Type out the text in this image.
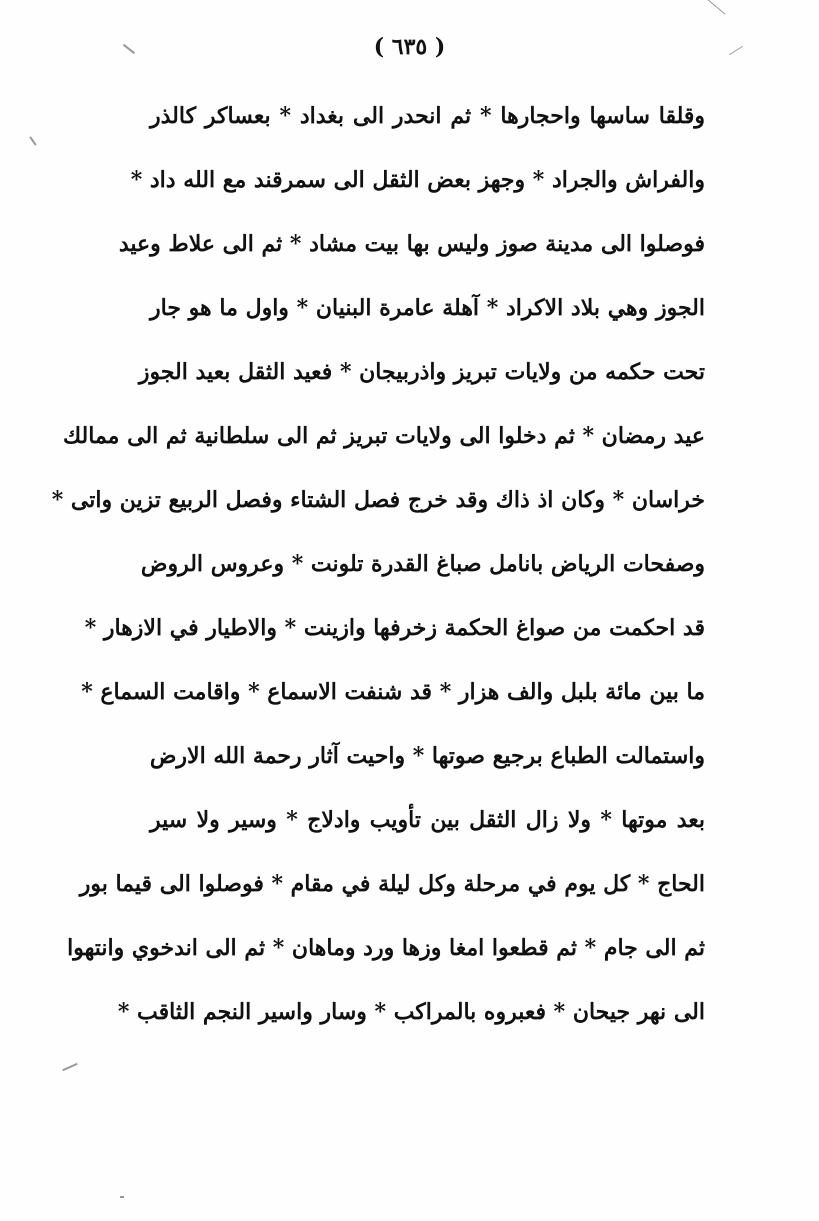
( ٦٣٥ )
وقلقا ساسها واحجارها * ثم انحدر الى بغداد * بعساكر كالذر
والفراش والجراد * وجهز بعض الثقل الى سمرقند مع الله داد *
فوصلوا الى مدينة صوز وليس بها بيت مشاد * ثم الى علاط وعيد
الجوز وهي بلاد الاكراد * آهلة عامرة البنيان * واول ما هو جار
تحت حكمه من ولايات تبريز واذربيجان * فعيد الثقل بعيد الجوز
عيد رمضان * ثم دخلوا الى ولايات تبريز ثم الى سلطانية ثم الى ممالك
خراسان * وكان اذ ذاك وقد خرج فصل الشتاء وفصل الربيع تزين واتى *
وصفحات الرياض بانامل صباغ القدرة تلونت * وعروس الروض
قد احكمت من صواغ الحكمة زخرفها وازينت * والاطيار في الازهار *
ما بين مائة بلبل والف هزار * قد شنفت الاسماع * واقامت السماع *
واستمالت الطباع برجيع صوتها * واحيت آثار رحمة الله الارض
بعد موتها * ولا زال الثقل بين تأويب وادلاج * وسير ولا سير
الحاج * كل يوم في مرحلة وكل ليلة في مقام * فوصلوا الى قيما بور
ثم الى جام * ثم قطعوا امغا وزها ورد وماهان * ثم الى اندخوي وانتهوا
الى نهر جيحان * فعبروه بالمراكب * وسار واسير النجم الثاقب *
